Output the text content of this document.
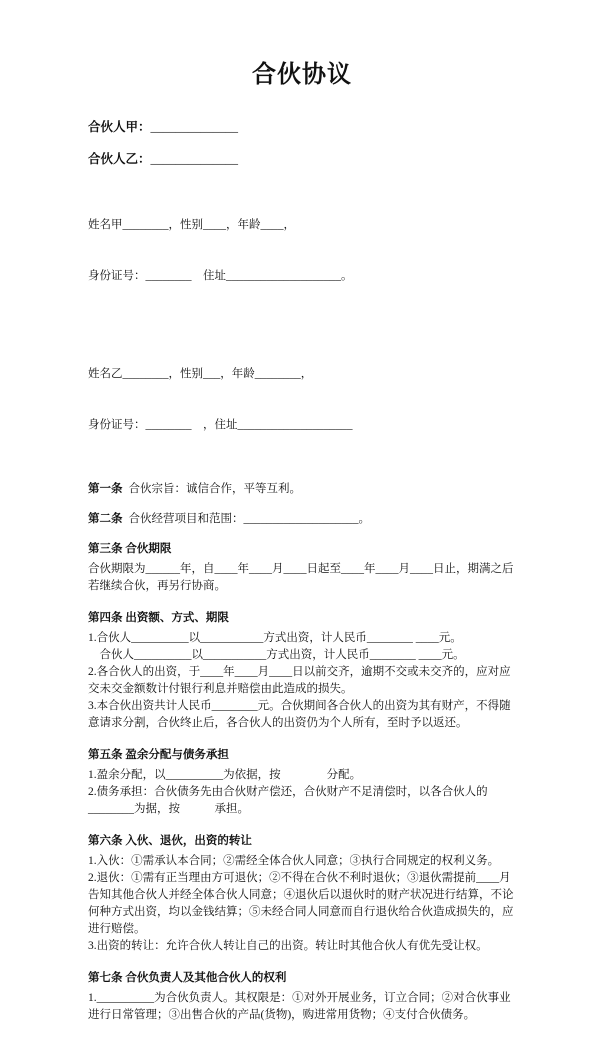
合伙协议

合伙人甲：______________

合伙人乙：______________

姓名甲________，性别____，年龄____，

身份证号：________　住址____________________。

姓名乙________，性别___，年龄________，

身份证号：________　，住址____________________

第一条 合伙宗旨：诚信合作，平等互利。

第二条 合伙经营项目和范围：____________________。

第三条 合伙期限

合伙期限为______年，自____年____月____日起至____年____月____日止，期满之后若继续合伙，再另行协商。

第四条 出资额、方式、期限

1.合伙人__________以___________方式出资，计人民币________ ____元。

　合伙人__________以___________方式出资，计人民币________ ____元。

2.各合伙人的出资，于____年____月____日以前交齐，逾期不交或未交齐的，应对应交未交金额数计付银行利息并赔偿由此造成的损失。

3.本合伙出资共计人民币________元。合伙期间各合伙人的出资为其有财产，不得随意请求分割，合伙终止后，各合伙人的出资仍为个人所有，至时予以返还。

第五条 盈余分配与债务承担

1.盈余分配，以__________为依据，按　　　　分配。

2.债务承担：合伙债务先由合伙财产偿还，合伙财产不足清偿时，以各合伙人的________为据，按　　　承担。

第六条 入伙、退伙，出资的转让

1.入伙：①需承认本合同；②需经全体合伙人同意；③执行合同规定的权利义务。

2.退伙：①需有正当理由方可退伙；②不得在合伙不利时退伙；③退伙需提前____月告知其他合伙人并经全体合伙人同意；④退伙后以退伙时的财产状况进行结算，不论何种方式出资，均以金钱结算；⑤未经合同人同意而自行退伙给合伙造成损失的，应进行赔偿。

3.出资的转让：允许合伙人转让自己的出资。转让时其他合伙人有优先受让权。

第七条 合伙负责人及其他合伙人的权利

1.__________为合伙负责人。其权限是：①对外开展业务，订立合同；②对合伙事业进行日常管理；③出售合伙的产品(货物)，购进常用货物；④支付合伙债务。
